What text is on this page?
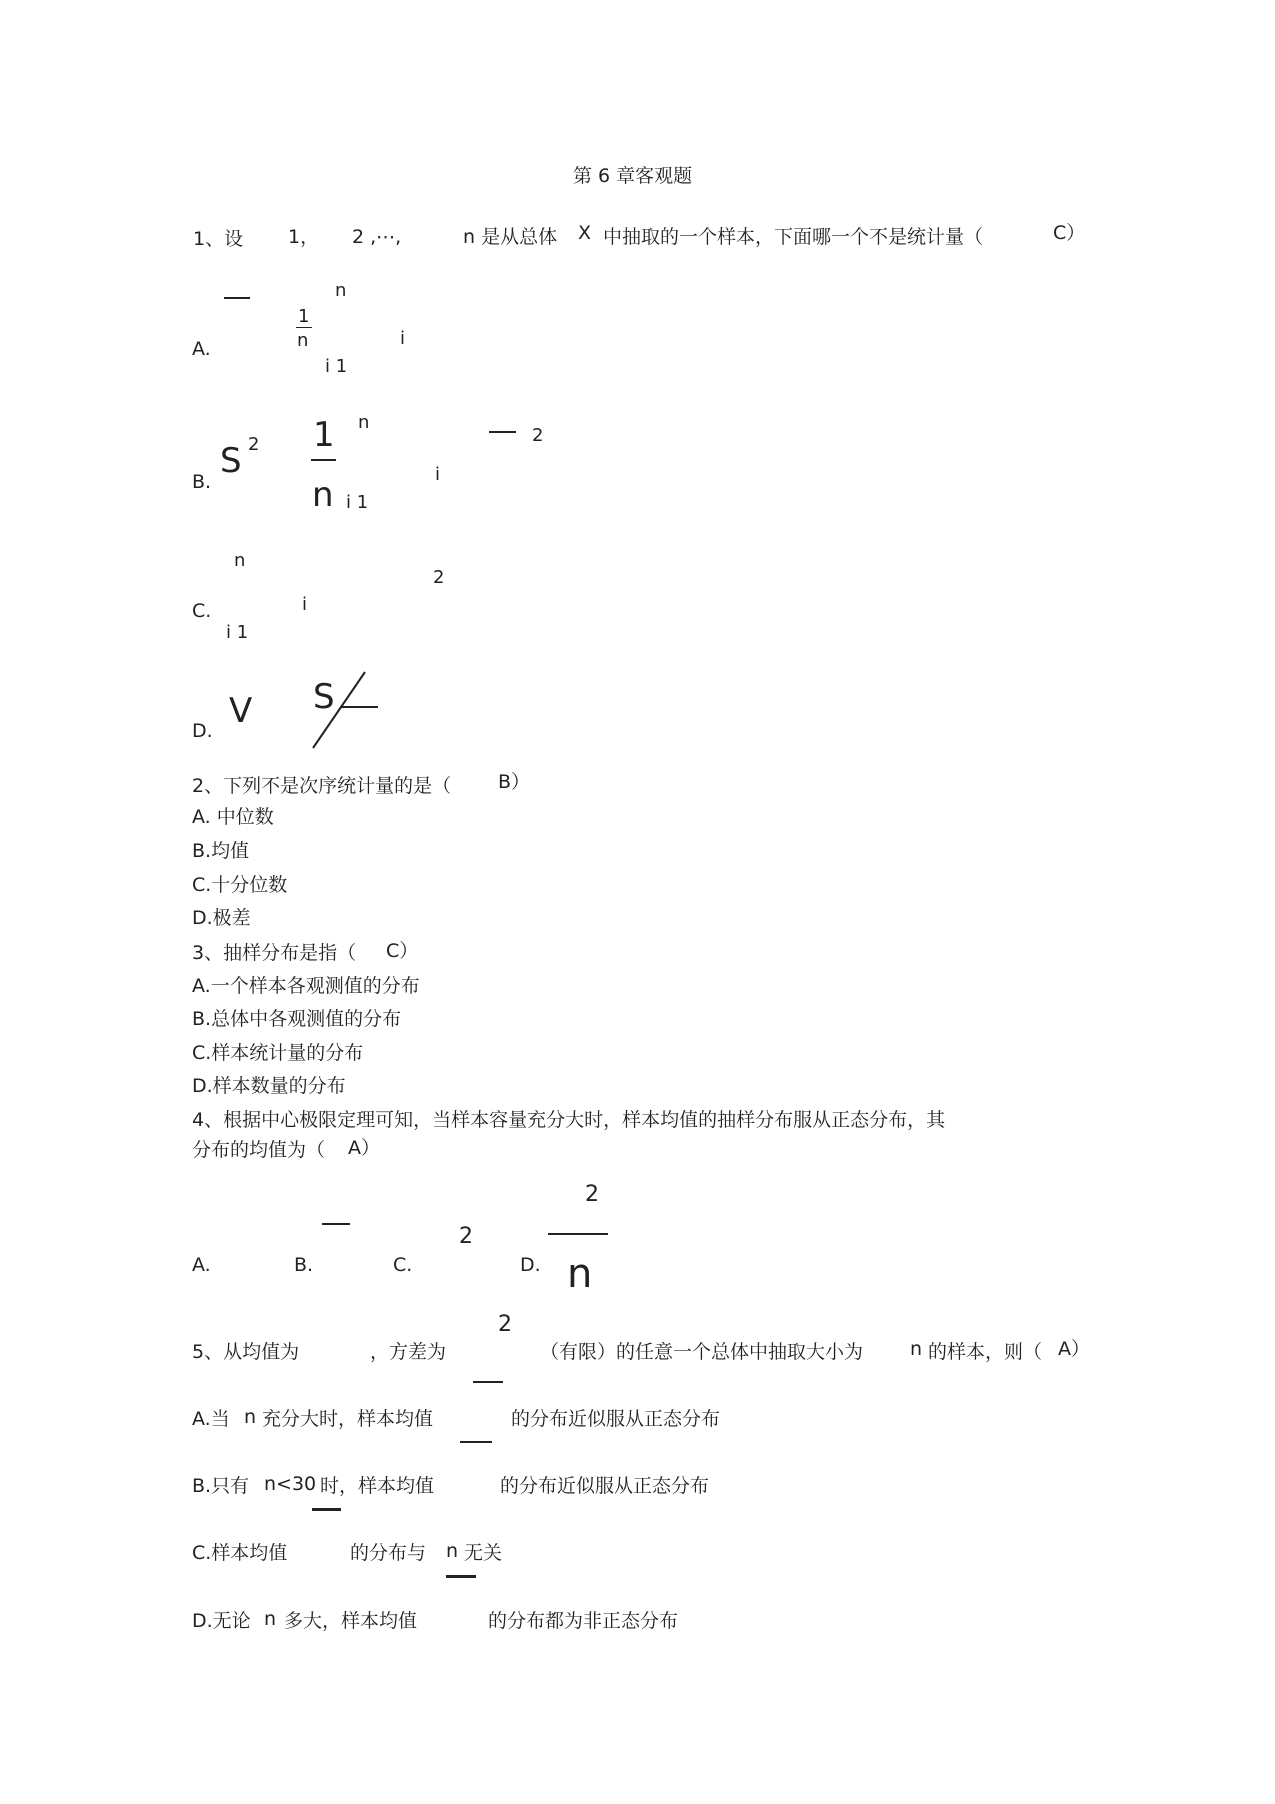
第 6 章客观题
1、设 1， 2 ,⋯,	n 是从总体 X 中抽取的一个样本，下面哪一个不是统计量（	C）
n
1
n	i
A.
i 1
n
1	2
2
S	i
B.	n i 1
n
2
i
C.
i 1
S
V
D.
2、下列不是次序统计量的是（ B）
A. 中位数
B.均值
C.十分位数
D.极差
3、抽样分布是指（ C）
A.一个样本各观测值的分布
B.总体中各观测值的分布
C.样本统计量的分布
D.样本数量的分布
4、根据中心极限定理可知，当样本容量充分大时，样本均值的抽样分布服从正态分布，其
分布的均值为（ A）
2
2
A.	B.	C.	D. n
2
5、从均值为	，方差为	（有限）的任意一个总体中抽取大小为 n 的样本，则（ A）
A.当 n 充分大时，样本均值	的分布近似服从正态分布
B.只有 n<30 时，样本均值	的分布近似服从正态分布
C.样本均值	的分布与 n 无关
D.无论 n 多大，样本均值	的分布都为非正态分布
